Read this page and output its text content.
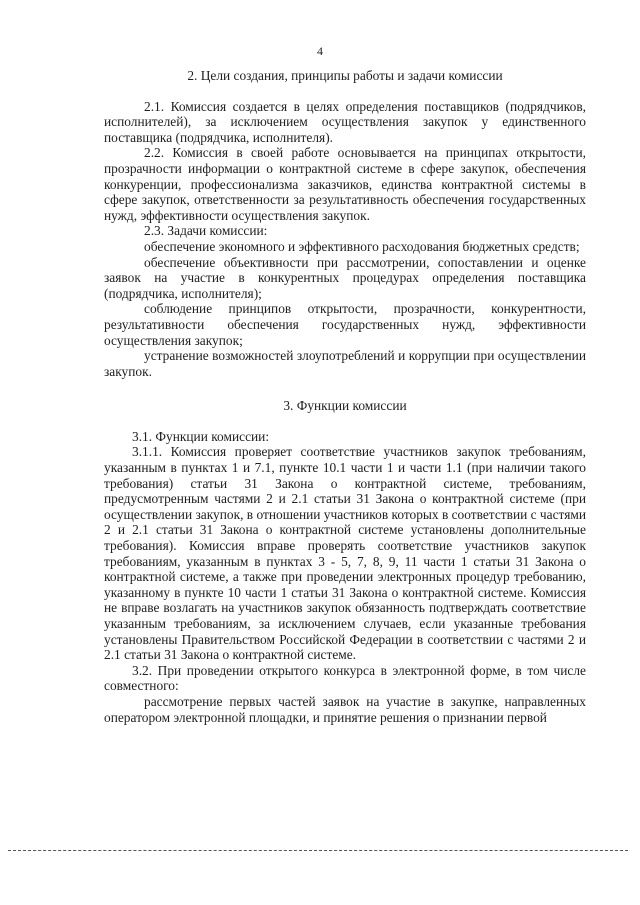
4

2. Цели создания, принципы работы и задачи комиссии

2.1. Комиссия создается в целях определения поставщиков (подрядчиков, исполнителей), за исключением осуществления закупок у единственного поставщика (подрядчика, исполнителя).

2.2. Комиссия в своей работе основывается на принципах открытости, прозрачности информации о контрактной системе в сфере закупок, обеспечения конкуренции, профессионализма заказчиков, единства контрактной системы в сфере закупок, ответственности за результативность обеспечения государственных нужд, эффективности осуществления закупок.

2.3. Задачи комиссии:

обеспечение экономного и эффективного расходования бюджетных средств;

обеспечение объективности при рассмотрении, сопоставлении и оценке заявок на участие в конкурентных процедурах определения поставщика (подрядчика, исполнителя);

соблюдение принципов открытости, прозрачности, конкурентности, результативности обеспечения государственных нужд, эффективности осуществления закупок;

устранение возможностей злоупотреблений и коррупции при осуществлении закупок.

3. Функции комиссии

3.1. Функции комиссии:

3.1.1. Комиссия проверяет соответствие участников закупок требованиям, указанным в пунктах 1 и 7.1, пункте 10.1 части 1 и части 1.1 (при наличии такого требования) статьи 31 Закона о контрактной системе, требованиям, предусмотренным частями 2 и 2.1 статьи 31 Закона о контрактной системе (при осуществлении закупок, в отношении участников которых в соответствии с частями 2 и 2.1 статьи 31 Закона о контрактной системе установлены дополнительные требования). Комиссия вправе проверять соответствие участников закупок требованиям, указанным в пунктах 3 - 5, 7, 8, 9, 11 части 1 статьи 31 Закона о контрактной системе, а также при проведении электронных процедур требованию, указанному в пункте 10 части 1 статьи 31 Закона о контрактной системе. Комиссия не вправе возлагать на участников закупок обязанность подтверждать соответствие указанным требованиям, за исключением случаев, если указанные требования установлены Правительством Российской Федерации в соответствии с частями 2 и 2.1 статьи 31 Закона о контрактной системе.

3.2. При проведении открытого конкурса в электронной форме, в том числе совместного:

рассмотрение первых частей заявок на участие в закупке, направленных оператором электронной площадки, и принятие решения о признании первой
